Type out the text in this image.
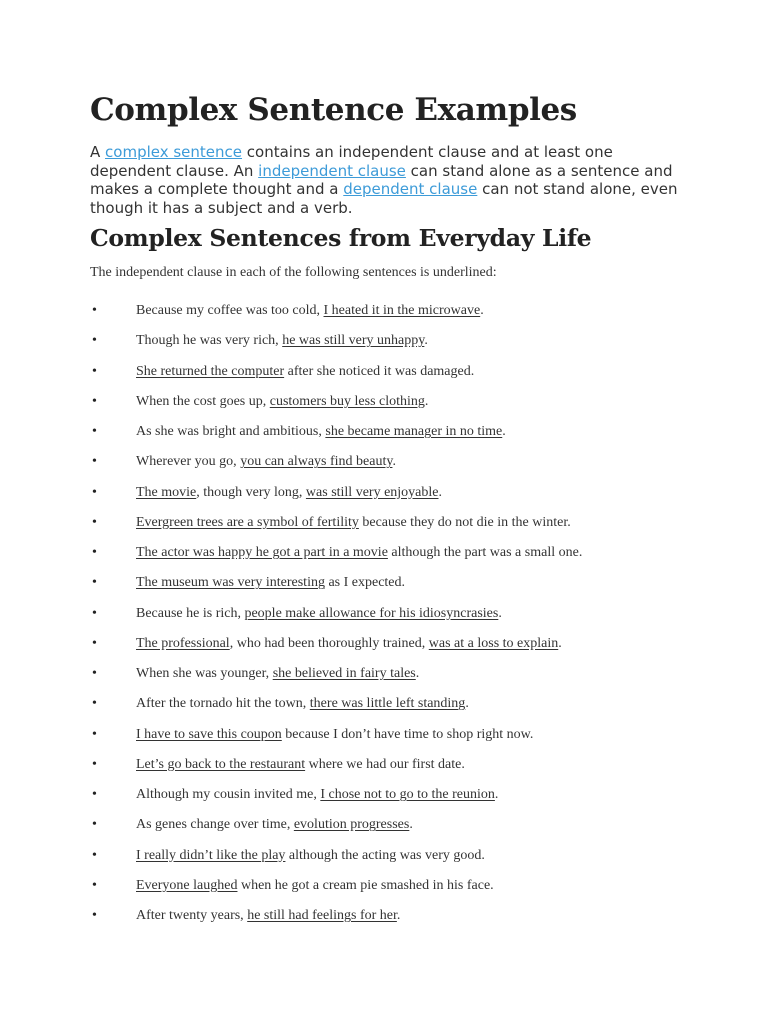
Complex Sentence Examples

A complex sentence contains an independent clause and at least one dependent clause. An independent clause can stand alone as a sentence and makes a complete thought and a dependent clause can not stand alone, even though it has a subject and a verb.

Complex Sentences from Everyday Life

The independent clause in each of the following sentences is underlined:

•	Because my coffee was too cold, I heated it in the microwave.
•	Though he was very rich, he was still very unhappy.
•	She returned the computer after she noticed it was damaged.
•	When the cost goes up, customers buy less clothing.
•	As she was bright and ambitious, she became manager in no time.
•	Wherever you go, you can always find beauty.
•	The movie, though very long, was still very enjoyable.
•	Evergreen trees are a symbol of fertility because they do not die in the winter.
•	The actor was happy he got a part in a movie although the part was a small one.
•	The museum was very interesting as I expected.
•	Because he is rich, people make allowance for his idiosyncrasies.
•	The professional, who had been thoroughly trained, was at a loss to explain.
•	When she was younger, she believed in fairy tales.
•	After the tornado hit the town, there was little left standing.
•	I have to save this coupon because I don’t have time to shop right now.
•	Let’s go back to the restaurant where we had our first date.
•	Although my cousin invited me, I chose not to go to the reunion.
•	As genes change over time, evolution progresses.
•	I really didn’t like the play although the acting was very good.
•	Everyone laughed when he got a cream pie smashed in his face.
•	After twenty years, he still had feelings for her.
